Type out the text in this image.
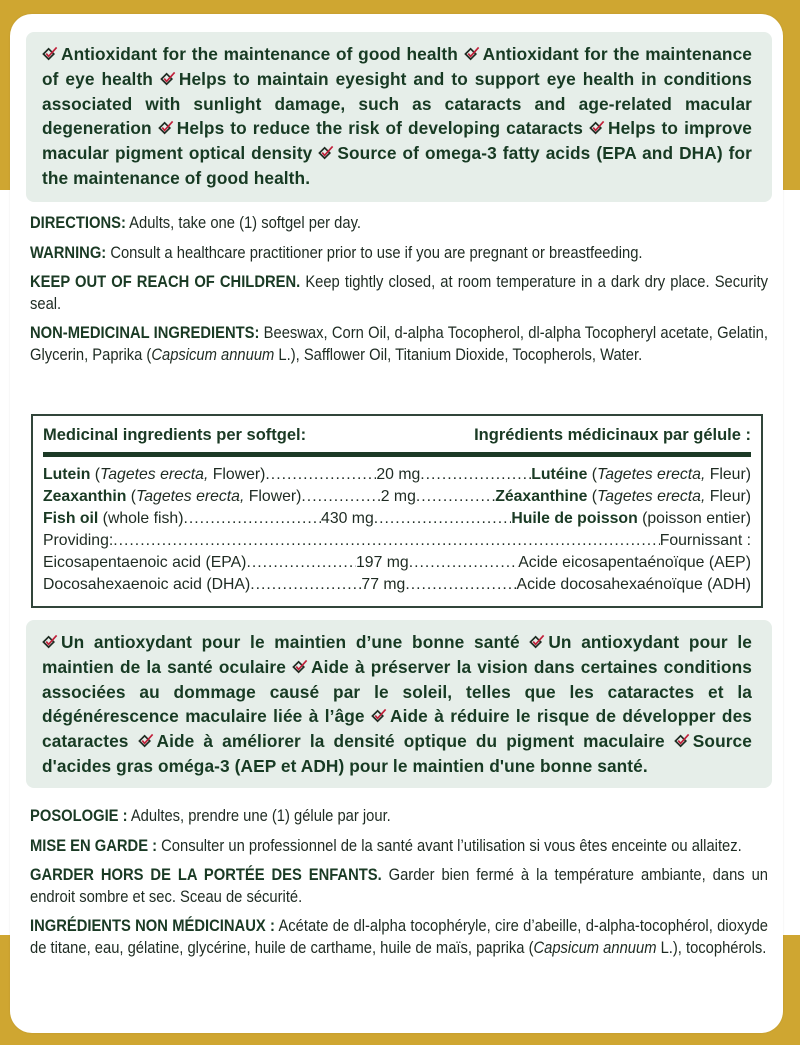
Antioxidant for the maintenance of good health Antioxidant for the maintenance of eye health Helps to maintain eyesight and to support eye health in conditions associated with sunlight damage, such as cataracts and age-related macular degeneration Helps to reduce the risk of developing cataracts Helps to improve macular pigment optical density Source of omega-3 fatty acids (EPA and DHA) for the maintenance of good health.

DIRECTIONS: Adults, take one (1) softgel per day.

WARNING: Consult a healthcare practitioner prior to use if you are pregnant or breastfeeding.

KEEP OUT OF REACH OF CHILDREN. Keep tightly closed, at room temperature in a dark dry place. Security seal.

NON-MEDICINAL INGREDIENTS: Beeswax, Corn Oil, d-alpha Tocopherol, dl-alpha Tocopheryl acetate, Gelatin, Glycerin, Paprika (Capsicum annuum L.), Safflower Oil, Titanium Dioxide, Tocopherols, Water.

Medicinal ingredients per softgel:	Ingrédients médicinaux par gélule :
Lutein (Tagetes erecta, Flower) .....	20 mg .....	Lutéine (Tagetes erecta, Fleur)
Zeaxanthin (Tagetes erecta, Flower) .....	2 mg .....	Zéaxanthine (Tagetes erecta, Fleur)
Fish oil (whole fish) .....	430 mg .....	Huile de poisson (poisson entier)
Providing: .....	Fournissant :
Eicosapentaenoic acid (EPA) .....	197 mg .....	Acide eicosapentaénoïque (AEP)
Docosahexaenoic acid (DHA) .....	77 mg .....	Acide docosahexaénoïque (ADH)
Un antioxydant pour le maintien d’une bonne santé Un antioxydant pour le maintien de la santé oculaire Aide à préserver la vision dans certaines conditions associées au dommage causé par le soleil, telles que les cataractes et la dégénérescence maculaire liée à l’âge Aide à réduire le risque de développer des cataractes Aide à améliorer la densité optique du pigment maculaire Source d'acides gras oméga-3 (AEP et ADH) pour le maintien d'une bonne santé.

POSOLOGIE : Adultes, prendre une (1) gélule par jour.

MISE EN GARDE : Consulter un professionnel de la santé avant l’utilisation si vous êtes enceinte ou allaitez.

GARDER HORS DE LA PORTÉE DES ENFANTS. Garder bien fermé à la température ambiante, dans un endroit sombre et sec. Sceau de sécurité.

INGRÉDIENTS NON MÉDICINAUX : Acétate de dl-alpha tocophéryle, cire d’abeille, d-alpha-tocophérol, dioxyde de titane, eau, gélatine, glycérine, huile de carthame, huile de maïs, paprika (Capsicum annuum L.), tocophérols.
